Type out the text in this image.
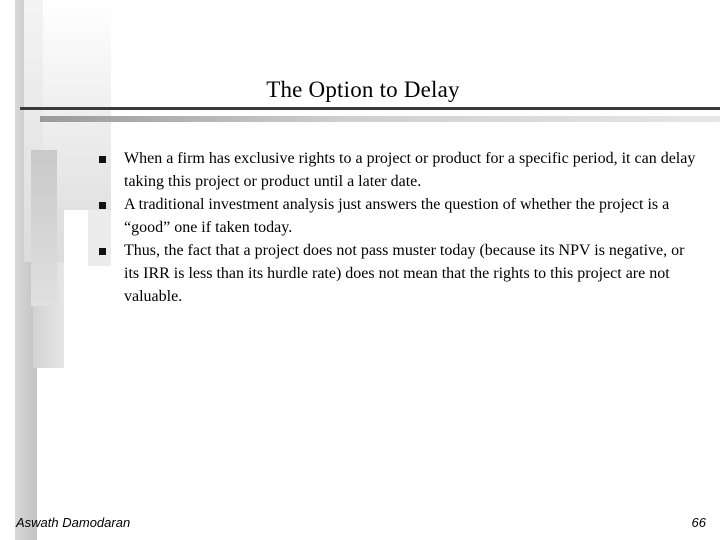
The Option to Delay
When a firm has exclusive rights to a project or product for a specific period, it can delay taking this project or product until a later date.
A traditional investment analysis just answers the question of whether the project is a “good” one if taken today.
Thus, the fact that a project does not pass muster today (because its NPV is negative, or its IRR is less than its hurdle rate) does not mean that the rights to this project are not valuable.
Aswath Damodaran	66
